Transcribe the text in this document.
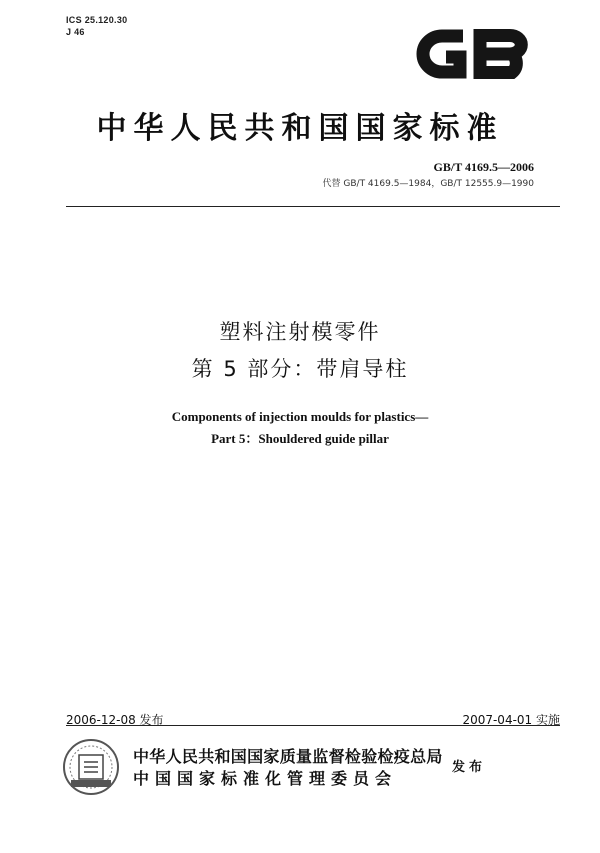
ICS 25.120.30
J 46
中华人民共和国国家标准
GB/T 4169.5—2006
代替 GB/T 4169.5—1984，GB/T 12555.9—1990
塑料注射模零件
第 5 部分：带肩导柱
Components of injection moulds for plastics—
Part 5：Shouldered guide pillar
2006-12-08 发布	2007-04-01 实施
中华人民共和国国家质量监督检验检疫总局
中国国家标准化管理委员会
发布
